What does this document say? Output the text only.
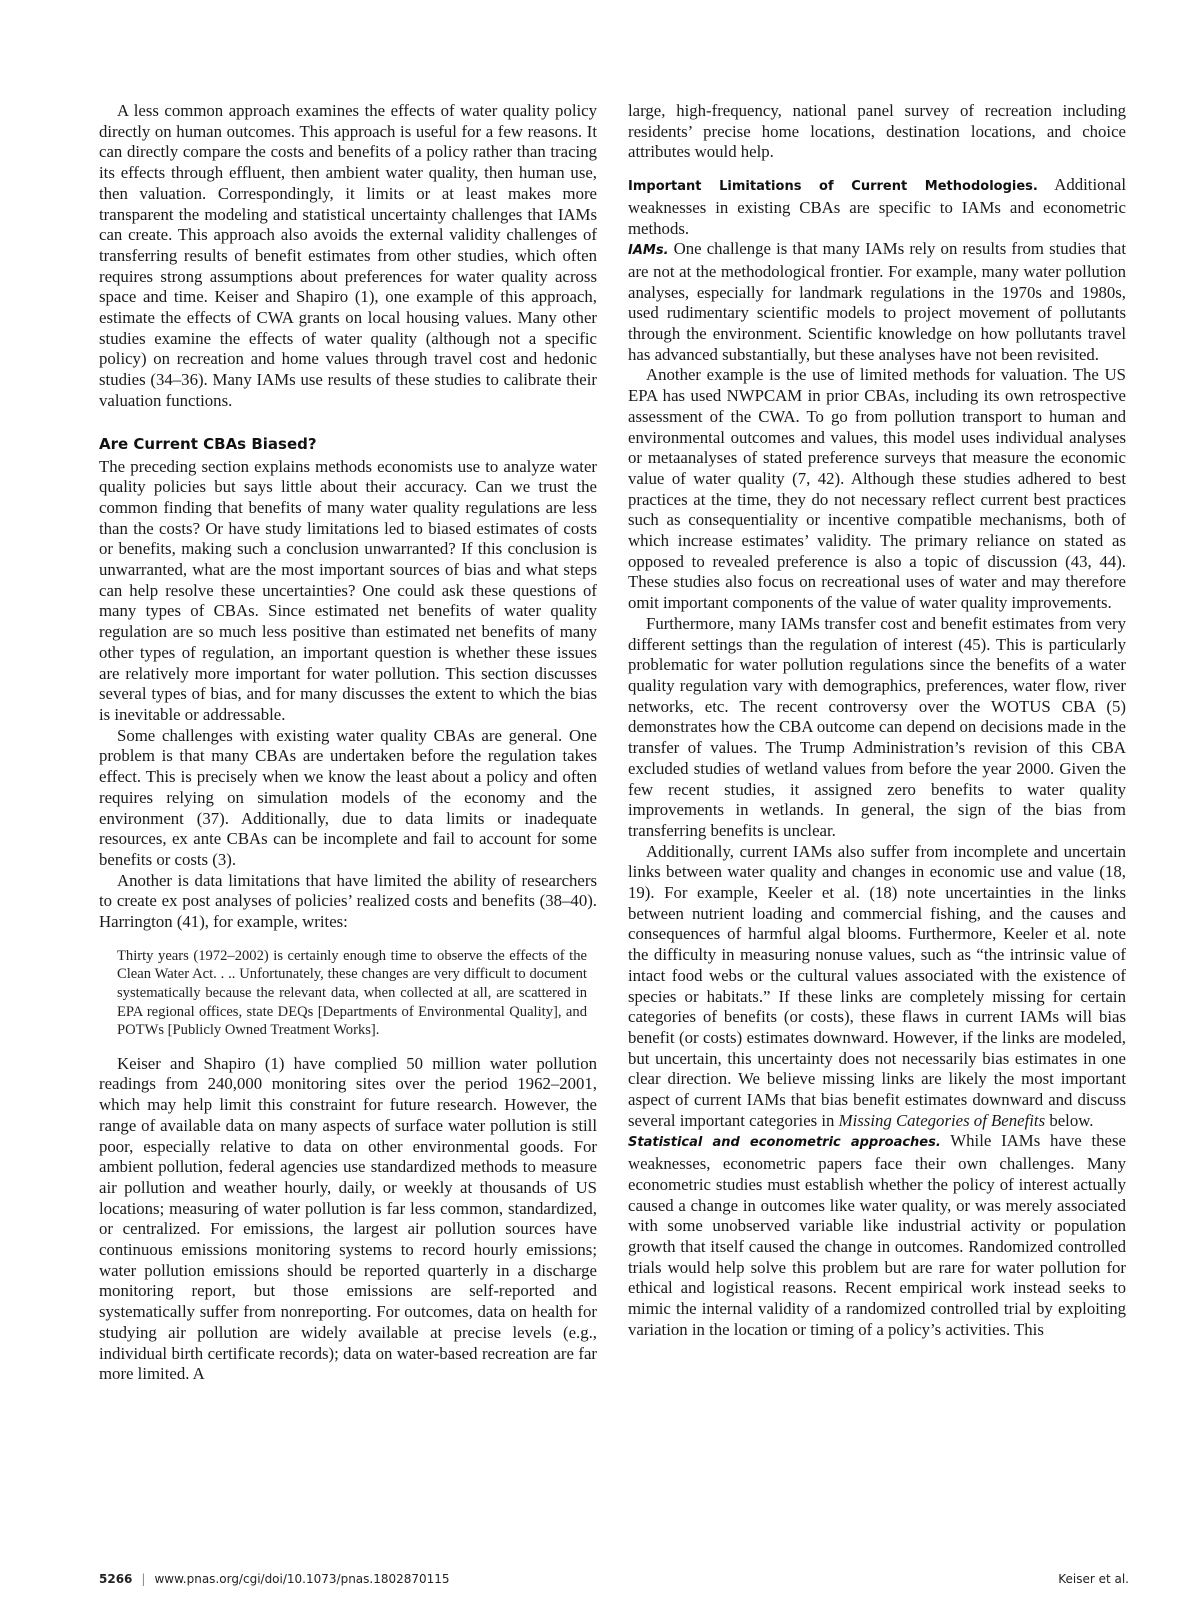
A less common approach examines the effects of water quality policy directly on human outcomes. This approach is useful for a few reasons. It can directly compare the costs and benefits of a policy rather than tracing its effects through effluent, then ambient water quality, then human use, then valuation. Correspondingly, it limits or at least makes more transparent the modeling and statistical uncertainty challenges that IAMs can create. This approach also avoids the external validity challenges of transferring results of benefit estimates from other studies, which often requires strong assumptions about preferences for water quality across space and time. Keiser and Shapiro (1), one example of this approach, estimate the effects of CWA grants on local housing values. Many other studies examine the effects of water quality (although not a specific policy) on recreation and home values through travel cost and hedonic studies (34–36). Many IAMs use results of these studies to calibrate their valuation functions.

Are Current CBAs Biased?

The preceding section explains methods economists use to analyze water quality policies but says little about their accuracy. Can we trust the common finding that benefits of many water quality regulations are less than the costs? Or have study limitations led to biased estimates of costs or benefits, making such a conclusion unwarranted? If this conclusion is unwarranted, what are the most important sources of bias and what steps can help resolve these uncertainties? One could ask these questions of many types of CBAs. Since estimated net benefits of water quality regulation are so much less positive than estimated net benefits of many other types of regulation, an important question is whether these issues are relatively more important for water pollution. This section discusses several types of bias, and for many discusses the extent to which the bias is inevitable or addressable.

Some challenges with existing water quality CBAs are general. One problem is that many CBAs are undertaken before the regulation takes effect. This is precisely when we know the least about a policy and often requires relying on simulation models of the economy and the environment (37). Additionally, due to data limits or inadequate resources, ex ante CBAs can be incomplete and fail to account for some benefits or costs (3).

Another is data limitations that have limited the ability of researchers to create ex post analyses of policies’ realized costs and benefits (38–40). Harrington (41), for example, writes:

Thirty years (1972–2002) is certainly enough time to observe the effects of the Clean Water Act. . .. Unfortunately, these changes are very difficult to document systematically because the relevant data, when collected at all, are scattered in EPA regional offices, state DEQs [Departments of Environmental Quality], and POTWs [Publicly Owned Treatment Works].

Keiser and Shapiro (1) have complied 50 million water pollution readings from 240,000 monitoring sites over the period 1962–2001, which may help limit this constraint for future research. However, the range of available data on many aspects of surface water pollution is still poor, especially relative to data on other environmental goods. For ambient pollution, federal agencies use standardized methods to measure air pollution and weather hourly, daily, or weekly at thousands of US locations; measuring of water pollution is far less common, standardized, or centralized. For emissions, the largest air pollution sources have continuous emissions monitoring systems to record hourly emissions; water pollution emissions should be reported quarterly in a discharge monitoring report, but those emissions are self-reported and systematically suffer from nonreporting. For outcomes, data on health for studying air pollution are widely available at precise levels (e.g., individual birth certificate records); data on water-based recreation are far more limited. A

large, high-frequency, national panel survey of recreation including residents’ precise home locations, destination locations, and choice attributes would help.

Important Limitations of Current Methodologies. Additional weaknesses in existing CBAs are specific to IAMs and econometric methods.

IAMs. One challenge is that many IAMs rely on results from studies that are not at the methodological frontier. For example, many water pollution analyses, especially for landmark regulations in the 1970s and 1980s, used rudimentary scientific models to project movement of pollutants through the environment. Scientific knowledge on how pollutants travel has advanced substantially, but these analyses have not been revisited.

Another example is the use of limited methods for valuation. The US EPA has used NWPCAM in prior CBAs, including its own retrospective assessment of the CWA. To go from pollution transport to human and environmental outcomes and values, this model uses individual analyses or metaanalyses of stated preference surveys that measure the economic value of water quality (7, 42). Although these studies adhered to best practices at the time, they do not necessary reflect current best practices such as consequentiality or incentive compatible mechanisms, both of which increase estimates’ validity. The primary reliance on stated as opposed to revealed preference is also a topic of discussion (43, 44). These studies also focus on recreational uses of water and may therefore omit important components of the value of water quality improvements.

Furthermore, many IAMs transfer cost and benefit estimates from very different settings than the regulation of interest (45). This is particularly problematic for water pollution regulations since the benefits of a water quality regulation vary with demographics, preferences, water flow, river networks, etc. The recent controversy over the WOTUS CBA (5) demonstrates how the CBA outcome can depend on decisions made in the transfer of values. The Trump Administration’s revision of this CBA excluded studies of wetland values from before the year 2000. Given the few recent studies, it assigned zero benefits to water quality improvements in wetlands. In general, the sign of the bias from transferring benefits is unclear.

Additionally, current IAMs also suffer from incomplete and uncertain links between water quality and changes in economic use and value (18, 19). For example, Keeler et al. (18) note uncertainties in the links between nutrient loading and commercial fishing, and the causes and consequences of harmful algal blooms. Furthermore, Keeler et al. note the difficulty in measuring nonuse values, such as “the intrinsic value of intact food webs or the cultural values associated with the existence of species or habitats.” If these links are completely missing for certain categories of benefits (or costs), these flaws in current IAMs will bias benefit (or costs) estimates downward. However, if the links are modeled, but uncertain, this uncertainty does not necessarily bias estimates in one clear direction. We believe missing links are likely the most important aspect of current IAMs that bias benefit estimates downward and discuss several important categories in Missing Categories of Benefits below.

Statistical and econometric approaches. While IAMs have these weaknesses, econometric papers face their own challenges. Many econometric studies must establish whether the policy of interest actually caused a change in outcomes like water quality, or was merely associated with some unobserved variable like industrial activity or population growth that itself caused the change in outcomes. Randomized controlled trials would help solve this problem but are rare for water pollution for ethical and logistical reasons. Recent empirical work instead seeks to mimic the internal validity of a randomized controlled trial by exploiting variation in the location or timing of a policy’s activities. This

5266 | www.pnas.org/cgi/doi/10.1073/pnas.1802870115	Keiser et al.
